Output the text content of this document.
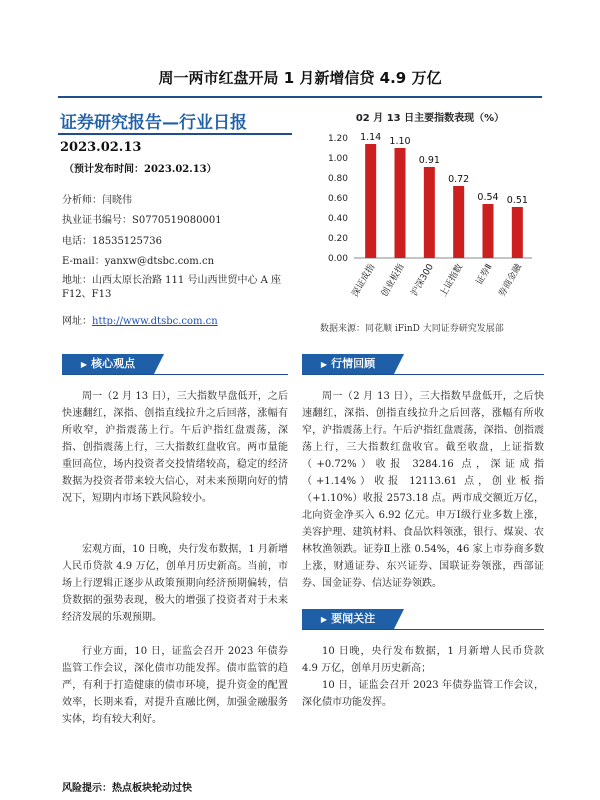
周一两市红盘开局 1 月新增信贷 4.9 万亿
证券研究报告—行业日报
2023.02.13
（预计发布时间：2023.02.13）
分析师：闫晓伟
执业证书编号：S0770519080001
电话：18535125736
E-mail：yanxw@dtsbc.com.cn
地址：山西太原长治路 111 号山西世贸中心 A 座 F12、F13
网址：http://www.dtsbc.com.cn
02 月 13 日主要指数表现（%）
0.00
0.20
0.40
0.60
0.80
1.00
1.20 1.14
深证成指
1.10
创业板指
0.91
沪深300
0.72
上证指数
0.54
证券Ⅱ
0.51
券商金融
数据来源：同花顺 iFinD 大同证券研究发展部
▶ 核心观点	▶ 行情回顾

周一（2 月 13 日），三大指数早盘低开，之后快速翻红，深指、创指直线拉升之后回落，涨幅有所收窄，沪指震荡上行。午后沪指红盘震荡，深指、创指震荡上行，三大指数红盘收官。两市量能重回高位，场内投资者交投情绪较高，稳定的经济数据为投资者带来较大信心，对未来预期向好的情况下，短期内市场下跌风险较小。

宏观方面，10 日晚，央行发布数据，1 月新增人民币贷款 4.9 万亿，创单月历史新高。当前，市场上行逻辑正逐步从政策预期向经济预期偏转，信贷数据的强势表现，极大的增强了投资者对于未来经济发展的乐观预期。

行业方面，10 日，证监会召开 2023 年债券监管工作会议，深化债市功能发挥。债市监管的趋严，有利于打造健康的债市环境，提升资金的配置效率，长期来看，对提升直融比例，加强金融服务实体，均有较大利好。

风险提示：热点板块轮动过快

周一（2 月 13 日），三大指数早盘低开，之后快速翻红，深指、创指直线拉升之后回落，涨幅有所收窄，沪指震荡上行。午后沪指红盘震荡，深指、创指震荡上行，三大指数红盘收官。截至收盘，上证指数（+0.72%）收报 3284.16 点，深证成指（+1.14%）收报 12113.61 点，创业板指（+1.10%）收报 2573.18 点。两市成交额近万亿，北向资金净买入 6.92 亿元。申万Ⅰ级行业多数上涨，美容护理、建筑材料、食品饮料领涨，银行、煤炭、农林牧渔领跌。证券Ⅱ上涨 0.54%，46 家上市券商多数上涨，财通证券、东兴证券、国联证券领涨，西部证券、国金证券、信达证券领跌。

▶ 要闻关注

10 日晚，央行发布数据，1 月新增人民币贷款 4.9 万亿，创单月历史新高；

10 日，证监会召开 2023 年债券监管工作会议，深化债市功能发挥。
